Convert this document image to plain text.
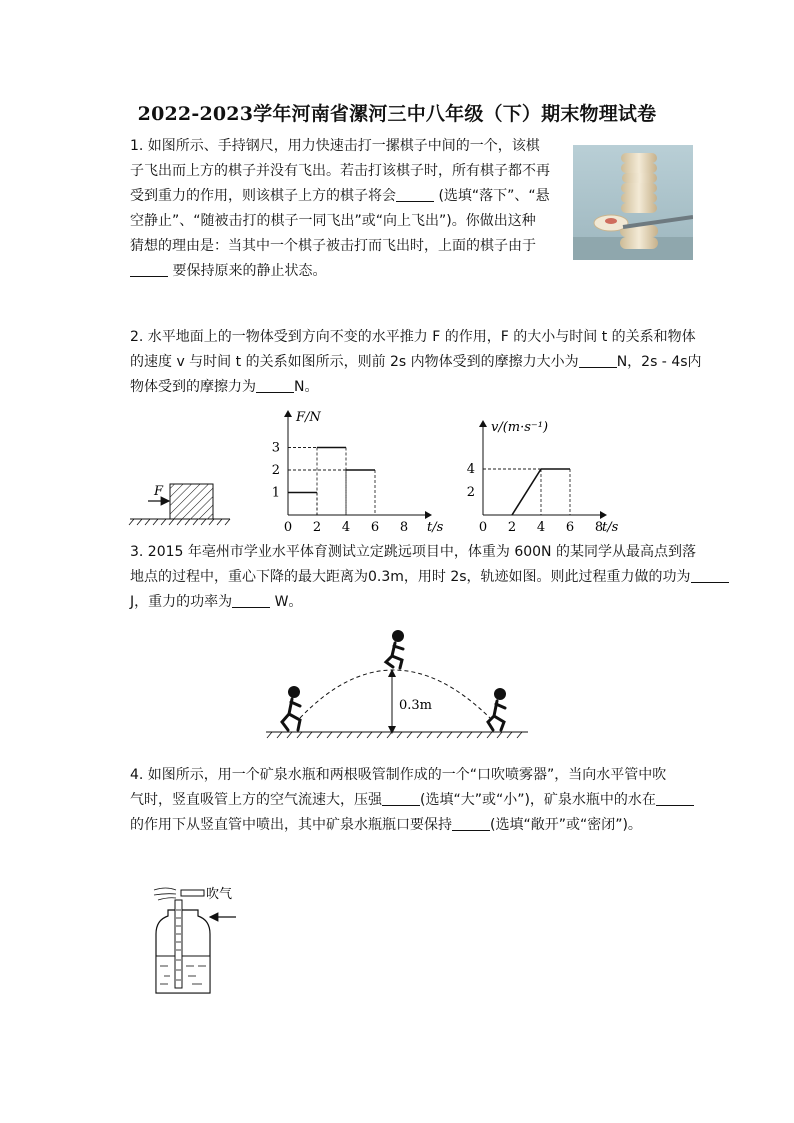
2022-2023学年河南省漯河三中八年级（下）期末物理试卷

1. 如图所示、手持钢尺，用力快速击打一摞棋子中间的一个，该棋

子飞出而上方的棋子并没有飞出。若击打该棋子时，所有棋子都不再

受到重力的作用，则该棋子上方的棋子将会	(选填“落下”、“悬

空静止”、“随被击打的棋子一同飞出”或“向上飞出”)。你做出这种

猜想的理由是：当其中一个棋子被击打而飞出时，上面的棋子由于

要保持原来的静止状态。

2. 水平地面上的一物体受到方向不变的水平推力 F 的作用，F 的大小与时间 t 的关系和物体

的速度 v 与时间 t 的关系如图所示，则前 2s 内物体受到的摩擦力大小为	N，2s - 4s内

物体受到的摩擦力为	N。

F
0 2 4 6 8
1
2
3
F/N
t/s	0 2 4 6 8
2
4
v/(m·s⁻¹)
t/s

3. 2015 年亳州市学业水平体育测试立定跳远项目中，体重为 600N 的某同学从最高点到落

地点的过程中，重心下降的最大距离为0.3m，用时 2s，轨迹如图。则此过程重力做的功为

J，重力的功率为	W。

0.3m

4. 如图所示，用一个矿泉水瓶和两根吸管制作成的一个“口吹喷雾器”，当向水平管中吹

气时，竖直吸管上方的空气流速大，压强	(选填“大”或“小”)，矿泉水瓶中的水在

的作用下从竖直管中喷出，其中矿泉水瓶瓶口要保持	(选填“敞开”或“密闭”)。

吹气
